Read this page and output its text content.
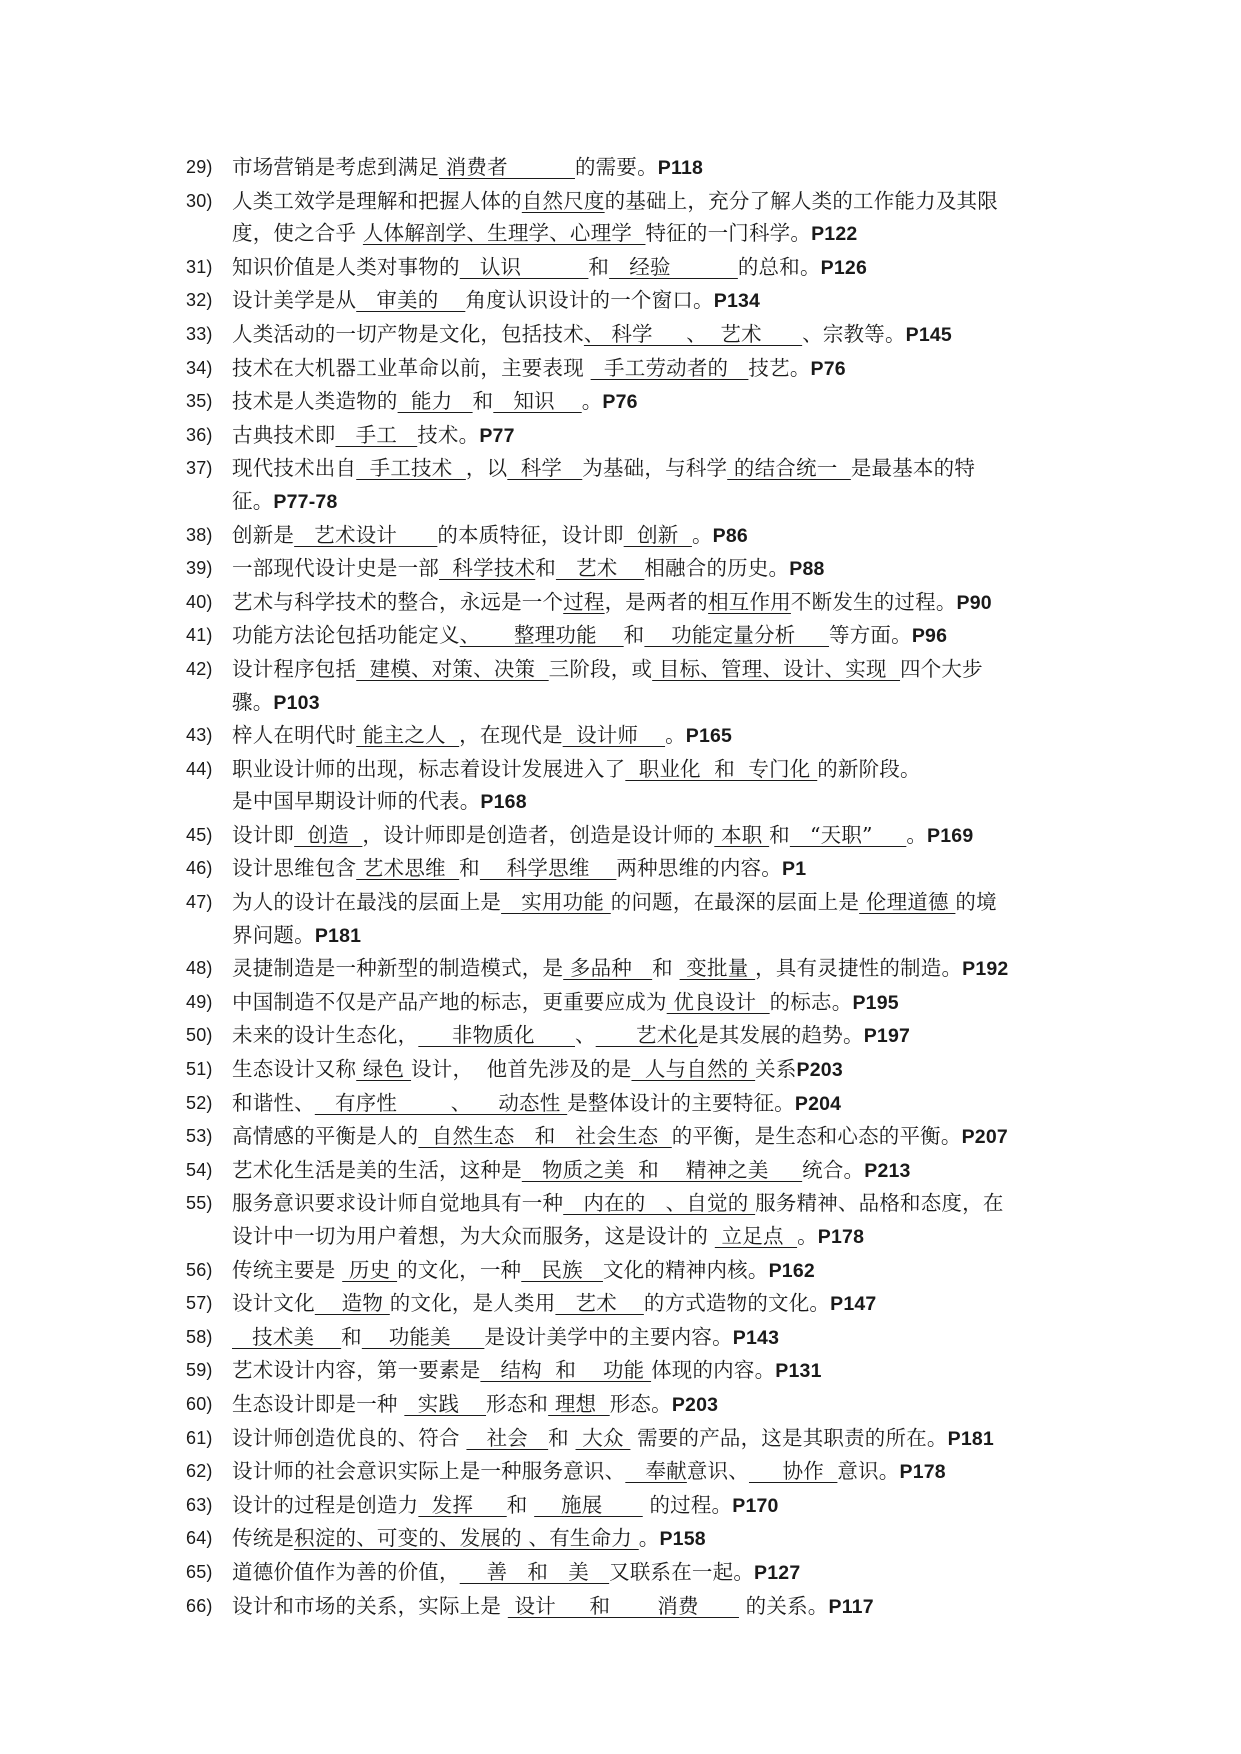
29) 市场营销是考虑到满足 消费者          的需要。P118
30) 人类工效学是理解和把握人体的自然尺度的基础上，充分了解人类的工作能力及其限
度，使之合乎 人体解剖学、生理学、心理学  特征的一门科学。P122
31) 知识价值是人类对事物的   认识          和   经验          的总和。P126
32) 设计美学是从   审美的    角度认识设计的一个窗口。P134
33) 人类活动的一切产物是文化，包括技术、 科学     、  艺术      、宗教等。P145
34) 技术在大机器工业革命以前，主要表现   手工劳动者的   技艺。P76
35) 技术是人类造物的  能力   和   知识    。P76
36) 古典技术即   手工   技术。P77
37) 现代技术出自  手工技术  ，以  科学   为基础，与科学 的结合统一  是最基本的特
征。P77-78
38) 创新是   艺术设计      的本质特征，设计即  创新  。P86
39) 一部现代设计史是一部  科学技术和   艺术    相融合的历史。P88
40) 艺术与科学技术的整合，永远是一个过程，是两者的相互作用不断发生的过程。P90
41) 功能方法论包括功能定义、     整理功能    和    功能定量分析     等方面。P96
42) 设计程序包括  建模、对策、决策  三阶段，或 目标、管理、设计、实现  四个大步
骤。P103
43) 梓人在明代时 能主之人  ，在现代是  设计师    。P165
44) 职业设计师的出现，标志着设计发展进入了  职业化  和  专门化 的新阶段。
是中国早期设计师的代表。P168
45) 设计即  创造  ，设计师即是创造者，创造是设计师的 本职 和   “天职”     。P169
46) 设计思维包含 艺术思维  和    科学思维    两种思维的内容。P1
47) 为人的设计在最浅的层面上是   实用功能 的问题，在最深的层面上是 伦理道德 的境
界问题。P181
48) 灵捷制造是一种新型的制造模式，是 多品种   和  变批量 ，具有灵捷性的制造。P192
49) 中国制造不仅是产品产地的标志，更重要应成为 优良设计  的标志。P195
50) 未来的设计生态化，     非物质化      、      艺术化是其发展的趋势。P197
51) 生态设计又称 绿色 设计，  他首先涉及的是  人与自然的 关系P203
52) 和谐性、   有序性        、    动态性 是整体设计的主要特征。P204
53) 高情感的平衡是人的  自然生态   和   社会生态  的平衡，是生态和心态的平衡。P207
54) 艺术化生活是美的生活，这种是   物质之美  和    精神之美     统合。P213
55) 服务意识要求设计师自觉地具有一种   内在的   、自觉的 服务精神、品格和态度，在
设计中一切为用户着想，为大众而服务，这是设计的  立足点  。P178
56) 传统主要是  历史 的文化，一种   民族   文化的精神内核。P162
57) 设计文化    造物 的文化，是人类用   艺术    的方式造物的文化。P147
58) 技术美    和    功能美     是设计美学中的主要内容。P143
59) 艺术设计内容，第一要素是   结构  和    功能 体现的内容。P131
60) 生态设计即是一种   实践    形态和 理想  形态。P203
61) 设计师创造优良的、符合    社会   和  大众  需要的产品，这是其职责的所在。P181
62) 设计师的社会意识实际上是一种服务意识、   奉献意识、     协作  意识。P178
63) 设计的过程是创造力  发挥     和     施展       的过程。P170
64) 传统是积淀的、可变的、发展的 、有生命力 。P158
65) 道德价值作为善的价值，    善   和   美   又联系在一起。P127
66) 设计和市场的关系，实际上是  设计     和       消费       的关系。P117
